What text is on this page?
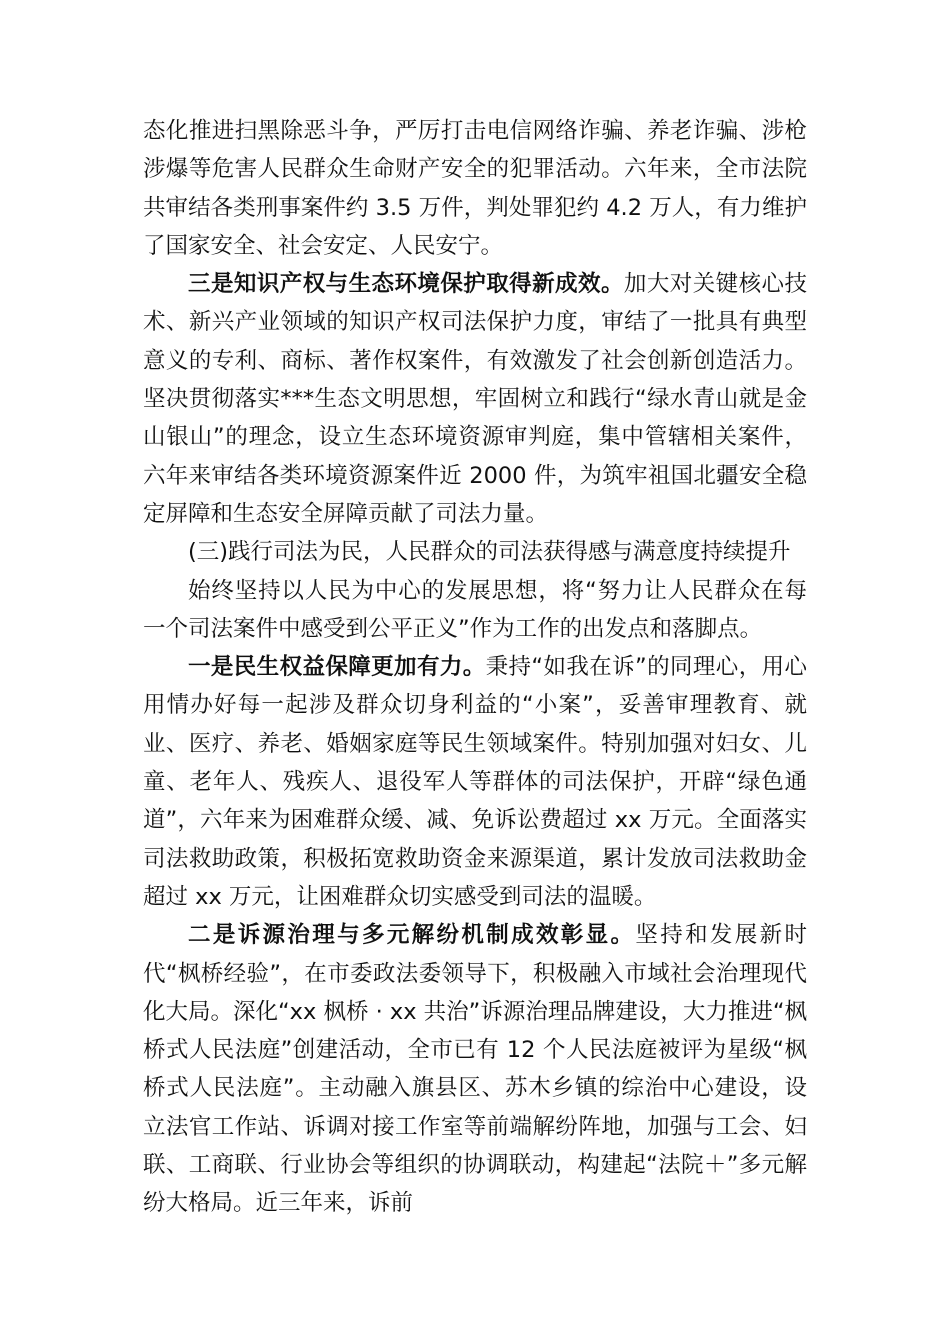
态化推进扫黑除恶斗争，严厉打击电信网络诈骗、养老诈骗、涉枪涉爆等危害人民群众生命财产安全的犯罪活动。六年来，全市法院共审结各类刑事案件约 3.5 万件，判处罪犯约 4.2 万人，有力维护了国家安全、社会安定、人民安宁。

三是知识产权与生态环境保护取得新成效。加大对关键核心技术、新兴产业领域的知识产权司法保护力度，审结了一批具有典型意义的专利、商标、著作权案件，有效激发了社会创新创造活力。坚决贯彻落实***生态文明思想，牢固树立和践行“绿水青山就是金山银山”的理念，设立生态环境资源审判庭，集中管辖相关案件，六年来审结各类环境资源案件近 2000 件，为筑牢祖国北疆安全稳定屏障和生态安全屏障贡献了司法力量。

(三)践行司法为民，人民群众的司法获得感与满意度持续提升

始终坚持以人民为中心的发展思想，将“努力让人民群众在每一个司法案件中感受到公平正义”作为工作的出发点和落脚点。

一是民生权益保障更加有力。秉持“如我在诉”的同理心，用心用情办好每一起涉及群众切身利益的“小案”，妥善审理教育、就业、医疗、养老、婚姻家庭等民生领域案件。特别加强对妇女、儿童、老年人、残疾人、退役军人等群体的司法保护，开辟“绿色通道”，六年来为困难群众缓、减、免诉讼费超过 xx 万元。全面落实司法救助政策，积极拓宽救助资金来源渠道，累计发放司法救助金超过 xx 万元，让困难群众切实感受到司法的温暖。

二是诉源治理与多元解纷机制成效彰显。坚持和发展新时代“枫桥经验”，在市委政法委领导下，积极融入市域社会治理现代化大局。深化“xx 枫桥 · xx 共治”诉源治理品牌建设，大力推进“枫桥式人民法庭”创建活动，全市已有 12 个人民法庭被评为星级“枫桥式人民法庭”。主动融入旗县区、苏木乡镇的综治中心建设，设立法官工作站、诉调对接工作室等前端解纷阵地，加强与工会、妇联、工商联、行业协会等组织的协调联动，构建起“法院＋”多元解纷大格局。近三年来，诉前
